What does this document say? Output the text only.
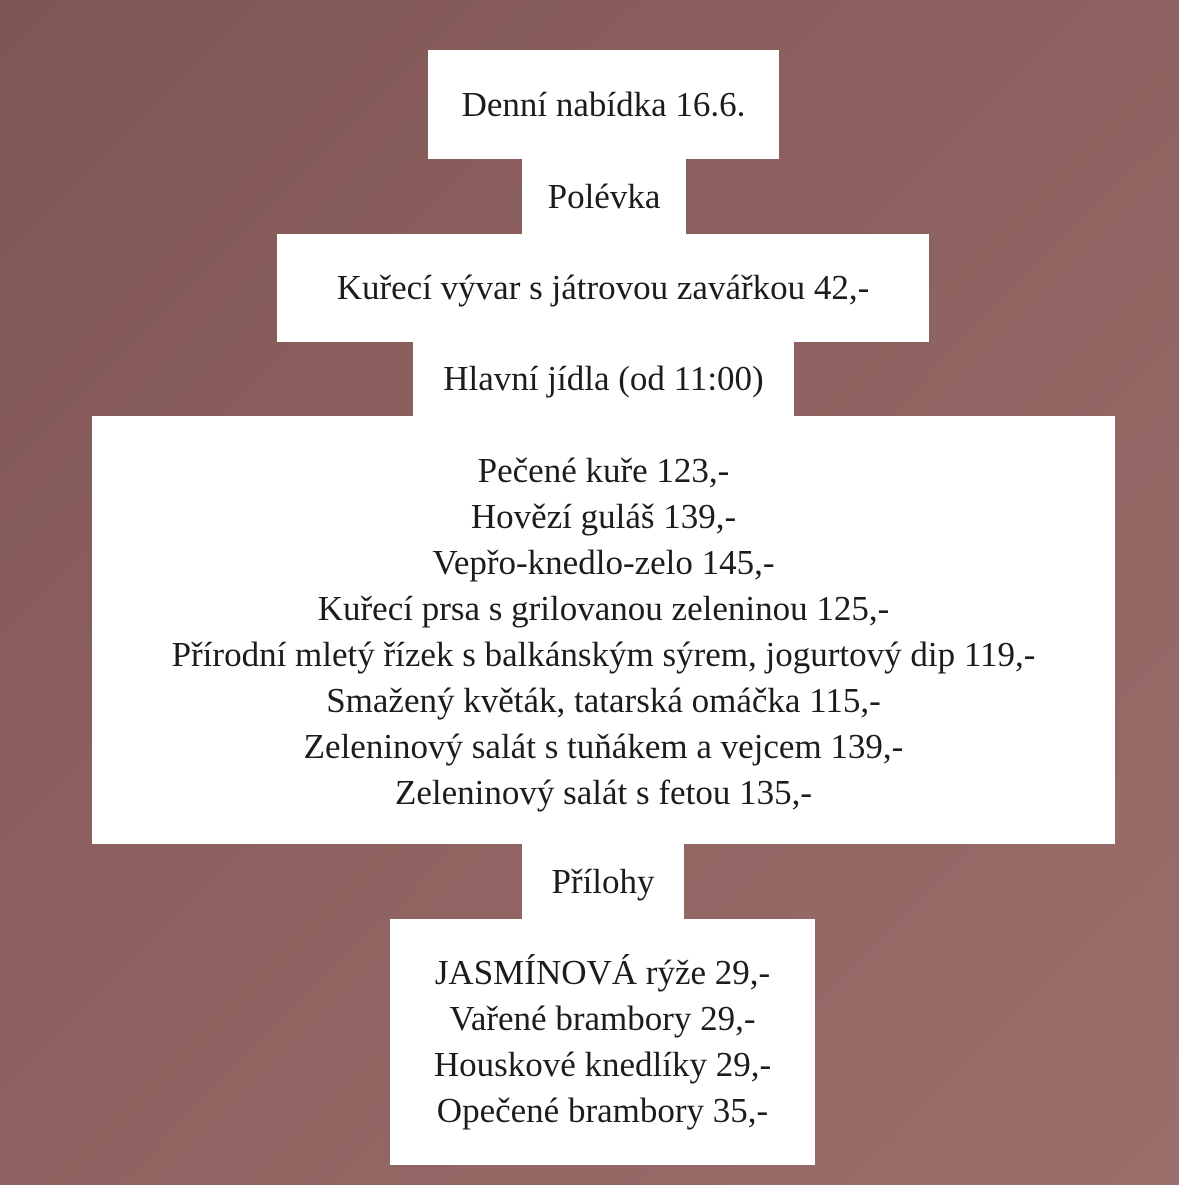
Denní nabídka 16.6.
Polévka
Kuřecí vývar s játrovou zavářkou 42,-
Hlavní jídla (od 11:00)
Pečené kuře 123,-
Hovězí guláš 139,-
Vepřo-knedlo-zelo 145,-
Kuřecí prsa s grilovanou zeleninou 125,-
Přírodní mletý řízek s balkánským sýrem, jogurtový dip 119,-
Smažený květák, tatarská omáčka 115,-
Zeleninový salát s tuňákem a vejcem 139,-
Zeleninový salát s fetou 135,-
Přílohy
JASMÍNOVÁ rýže 29,-
Vařené brambory 29,-
Houskové knedlíky 29,-
Opečené brambory 35,-
